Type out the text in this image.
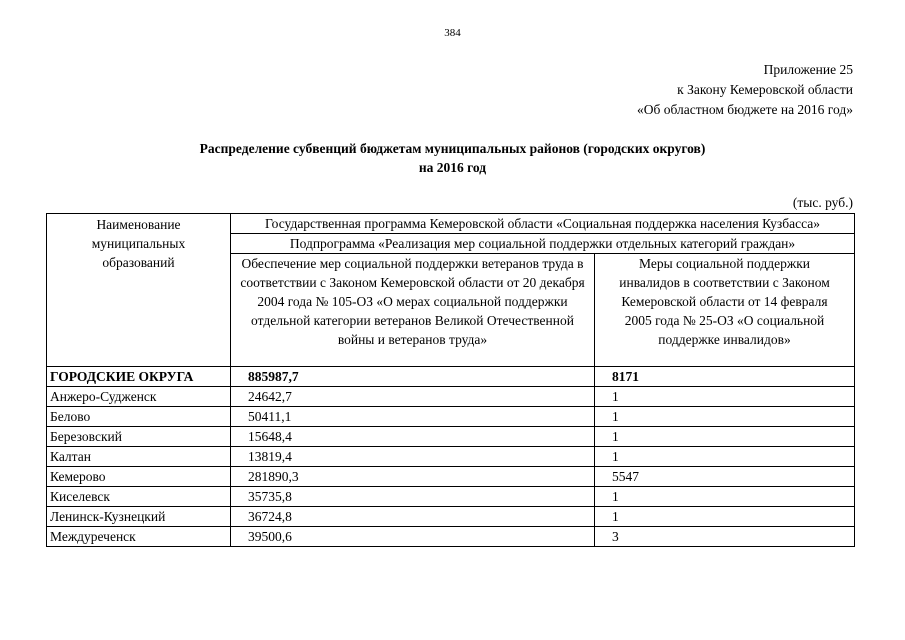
384
Приложение 25
к Закону Кемеровской области
«Об областном бюджете на 2016 год»
Распределение субвенций бюджетам муниципальных районов (городских округов)
на 2016 год
(тыс. руб.)
Наименование муниципальных образований	Государственная программа Кемеровской области «Социальная поддержка населения Кузбасса»	
	Подпрограмма «Реализация мер социальной поддержки отдельных категорий граждан»	
	Обеспечение мер социальной поддержки ветеранов труда в соответствии с Законом Кемеровской области от 20 декабря 2004 года № 105-ОЗ «О мерах социальной поддержки отдельной категории ветеранов Великой Отечественной войны и ветеранов труда»	Меры социальной поддержки инвалидов в соответствии с Законом Кемеровской области от 14 февраля 2005 года № 25-ОЗ «О социальной поддержке инвалидов»
ГОРОДСКИЕ ОКРУГА	885987,7	8171
Анжеро-Судженск	24642,7	1
Белово	50411,1	1
Березовский	15648,4	1
Калтан	13819,4	1
Кемерово	281890,3	5547
Киселевск	35735,8	1
Ленинск-Кузнецкий	36724,8	1
Междуреченск	39500,6	3
